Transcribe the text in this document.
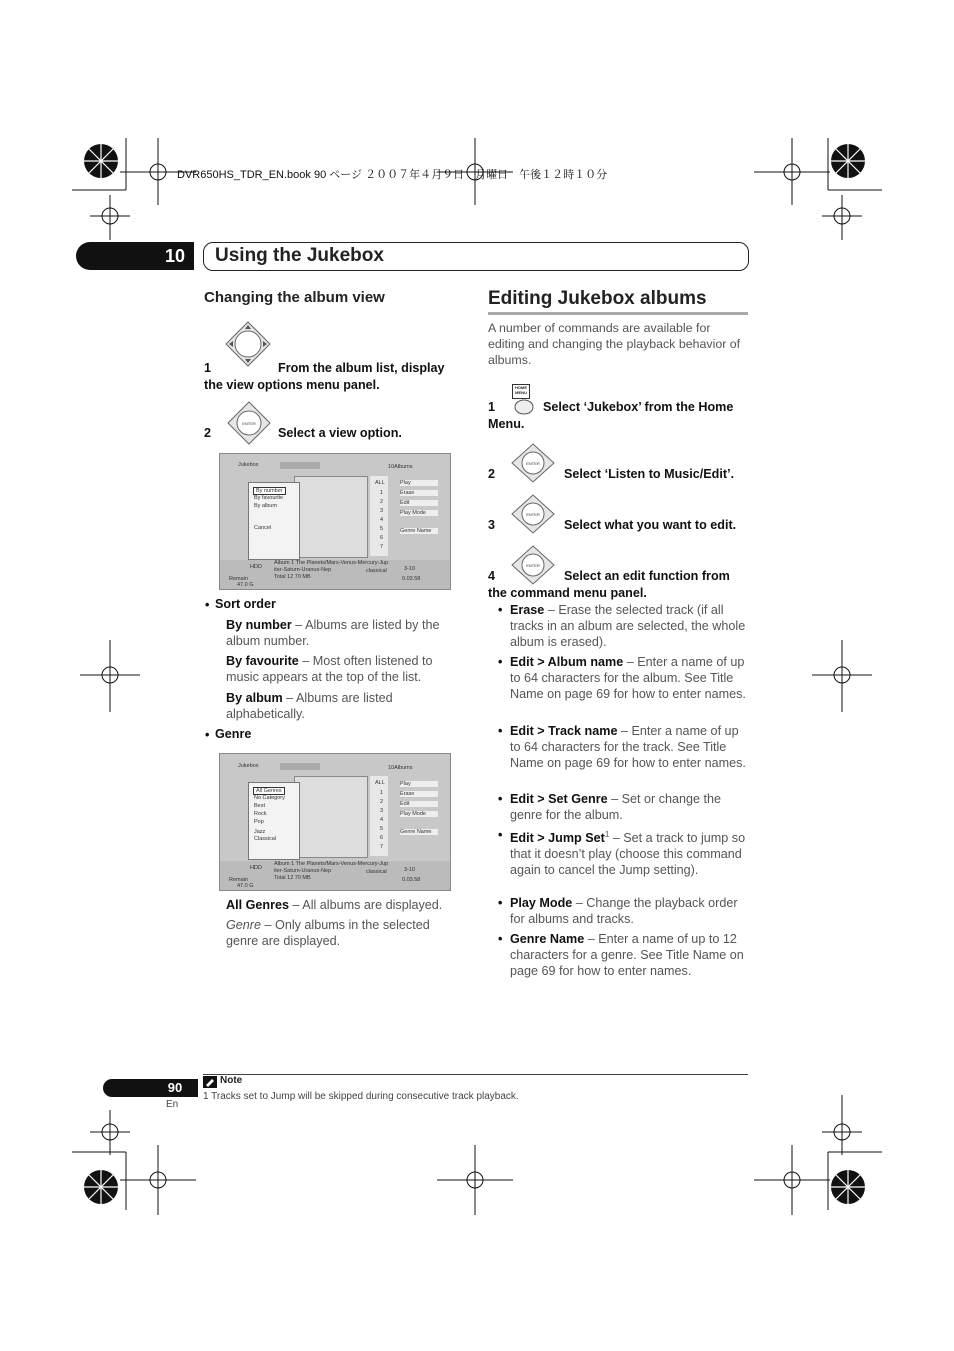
DVR650HS_TDR_EN.book 90 ページ ２００７年４月９日　月曜日　午後１２時１０分
10	Using the Jukebox
Changing the album view
1	From the album list, display the view options menu panel.
ENTER
2	Select a view option.
Jukebox	10Albums
ALL
1
2
3
4
5
6
7
By number
By favourite
By album
Cancel
Play
Erase
Edit
Play Mode
Genre Name
HDD
Remain
47.0 G
Album 1 The Planets/Mars-Venus-Mercury-Jup
iter-Saturn-Uranus-Nep
Total 12 70 MB
classical	3-10
0.03.58
• Sort order
By number – Albums are listed by the album number.
By favourite – Most often listened to music appears at the top of the list.
By album – Albums are listed alphabetically.
• Genre
Jukebox	10Albums
ALL
1
2
3
4
5
6
7
All Genres
No Category
Best
Rock
Pop
Jazz
Classical
Play
Erase
Edit
Play Mode
Genre Name
HDD
Remain
47.0 G
Album 1 The Planets/Mars-Venus-Mercury-Jup
iter-Saturn-Uranus-Nep
Total 12 70 MB
classical	3-10
0.03.58
All Genres – All albums are displayed.
Genre – Only albums in the selected genre are displayed.
Editing Jukebox albums
A number of commands are available for editing and changing the playback behavior of albums.
HOME MENU
1	Select ‘Jukebox’ from the Home Menu.
ENTER
2	Select ‘Listen to Music/Edit’.
ENTER
3	Select what you want to edit.
ENTER
4	Select an edit function from the command menu panel.
• Erase – Erase the selected track (if all tracks in an album are selected, the whole album is erased).
• Edit > Album name – Enter a name of up to 64 characters for the album. See Title Name on page 69 for how to enter names.
• Edit > Track name – Enter a name of up to 64 characters for the track. See Title Name on page 69 for how to enter names.
• Edit > Set Genre – Set or change the genre for the album.
• Edit > Jump Set$^1$ – Set a track to jump so that it doesn’t play (choose this command again to cancel the Jump setting).
• Play Mode – Change the playback order for albums and tracks.
• Genre Name – Enter a name of up to 12 characters for a genre. See Title Name on page 69 for how to enter names.
Note
1 Tracks set to Jump will be skipped during consecutive track playback.
90
En
